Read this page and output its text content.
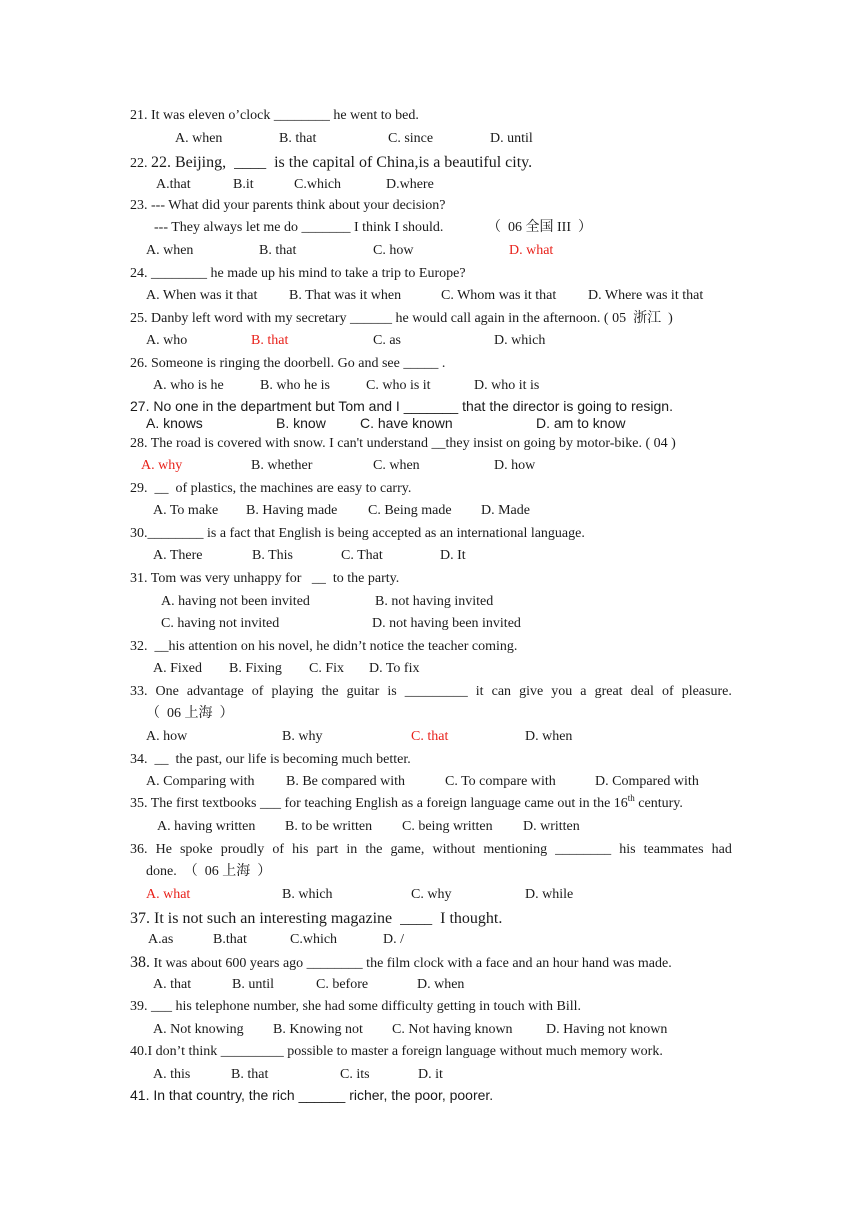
21. It was eleven o’clock ________ he went to bed.
A. when	B. that	C. since	D. until
22. 22. Beijing,  ____  is the capital of China,is a beautiful city.
A.that	B.it	C.which	D.where
23. --- What did your parents think about your decision?
--- They always let me do _______ I think I should.	（  06 全国 III  ）
A. when	B. that	C. how	D. what
24. ________ he made up his mind to take a trip to Europe?
A. When was it that B. That was it when	C. Whom was it that D. Where was it that
25. Danby left word with my secretary ______ he would call again in the afternoon. ( 05  浙江  )
A. who	B. that	C. as	D. which
26. Someone is ringing the doorbell. Go and see _____ .
A. who is he	B. who he is	C. who is it	D. who it is
27. No one in the department but Tom and I _______ that the director is going to resign.
A. knows	B. know C. have known	D. am to know
28. The road is covered with snow. I can't understand __they insist on going by motor-bike. ( 04 )
A. why	B. whether	C. when	D. how
29.  __  of plastics, the machines are easy to carry.
A. To make B. Having made C. Being made D. Made
30.________ is a fact that English is being accepted as an international language.
A. There	B. This	C. That	D. It
31. Tom was very unhappy for   __  to the party.
A. having not been invited	B. not having invited
C. having not invited	D. not having been invited
32.  __his attention on his novel, he didn’t notice the teacher coming.
A. Fixed B. Fixing C. Fix D. To fix
33. One advantage of playing the guitar is _________ it can give you a great deal of pleasure.
（  06 上海  ）
A. how	B. why	C. that	D. when
34.  __  the past, our life is becoming much better.
A. Comparing with B. Be compared with	C. To compare with	D. Compared with
35. The first textbooks ___ for teaching English as a foreign language came out in the 16th century.
A. having written B. to be written C. being written D. written
36. He spoke proudly of his part in the game, without mentioning ________ his teammates had
done.  （  06 上海  ）
A. what	B. which	C. why	D. while
37. It is not such an interesting magazine  ____  I thought.
A.as	B.that	C.which	D. /
38. It was about 600 years ago ________ the film clock with a face and an hour hand was made.
A. that	B. until	C. before	D. when
39. ___ his telephone number, she had some difficulty getting in touch with Bill.
A. Not knowing B. Knowing not C. Not having known D. Having not known
40.I don’t think _________ possible to master a foreign language without much memory work.
A. this	B. that	C. its	D. it
41. In that country, the rich ______ richer, the poor, poorer.
